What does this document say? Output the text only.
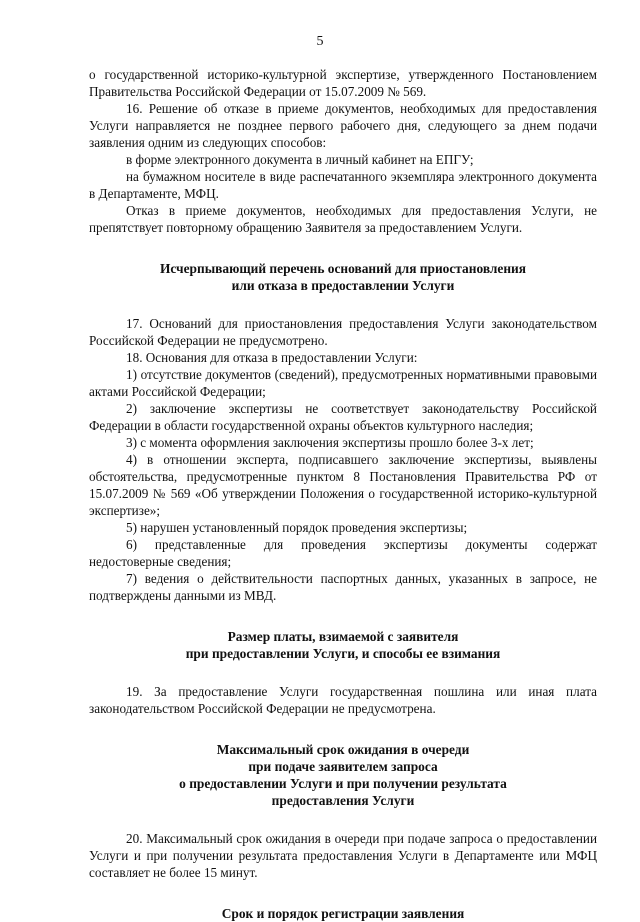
5

о государственной историко-культурной экспертизе, утвержденного Постановлением Правительства Российской Федерации от 15.07.2009 № 569.

16. Решение об отказе в приеме документов, необходимых для предоставления Услуги направляется не позднее первого рабочего дня, следующего за днем подачи заявления одним из следующих способов:

в форме электронного документа в личный кабинет на ЕПГУ;

на бумажном носителе в виде распечатанного экземпляра электронного документа в Департаменте, МФЦ.

Отказ в приеме документов, необходимых для предоставления Услуги, не препятствует повторному обращению Заявителя за предоставлением Услуги.

Исчерпывающий перечень оснований для приостановления

или отказа в предоставлении Услуги

17. Оснований для приостановления предоставления Услуги законодательством Российской Федерации не предусмотрено.

18. Основания для отказа в предоставлении Услуги:

1) отсутствие документов (сведений), предусмотренных нормативными правовыми актами Российской Федерации;

2) заключение экспертизы не соответствует законодательству Российской Федерации в области государственной охраны объектов культурного наследия;

3) с момента оформления заключения экспертизы прошло более 3-х лет;

4) в отношении эксперта, подписавшего заключение экспертизы, выявлены обстоятельства, предусмотренные пунктом 8 Постановления Правительства РФ от 15.07.2009 № 569 «Об утверждении Положения о государственной историко-культурной экспертизе»;

5) нарушен установленный порядок проведения экспертизы;

6) представленные для проведения экспертизы документы содержат недостоверные сведения;

7) ведения о действительности паспортных данных, указанных в запросе, не подтверждены данными из МВД.

Размер платы, взимаемой с заявителя

при предоставлении Услуги, и способы ее взимания

19. За предоставление Услуги государственная пошлина или иная плата законодательством Российской Федерации не предусмотрена.

Максимальный срок ожидания в очереди

при подаче заявителем запроса

о предоставлении Услуги и при получении результата

предоставления Услуги

20. Максимальный срок ожидания в очереди при подаче запроса о предоставлении Услуги и при получении результата предоставления Услуги в Департаменте или МФЦ составляет не более 15 минут.

Срок и порядок регистрации заявления
